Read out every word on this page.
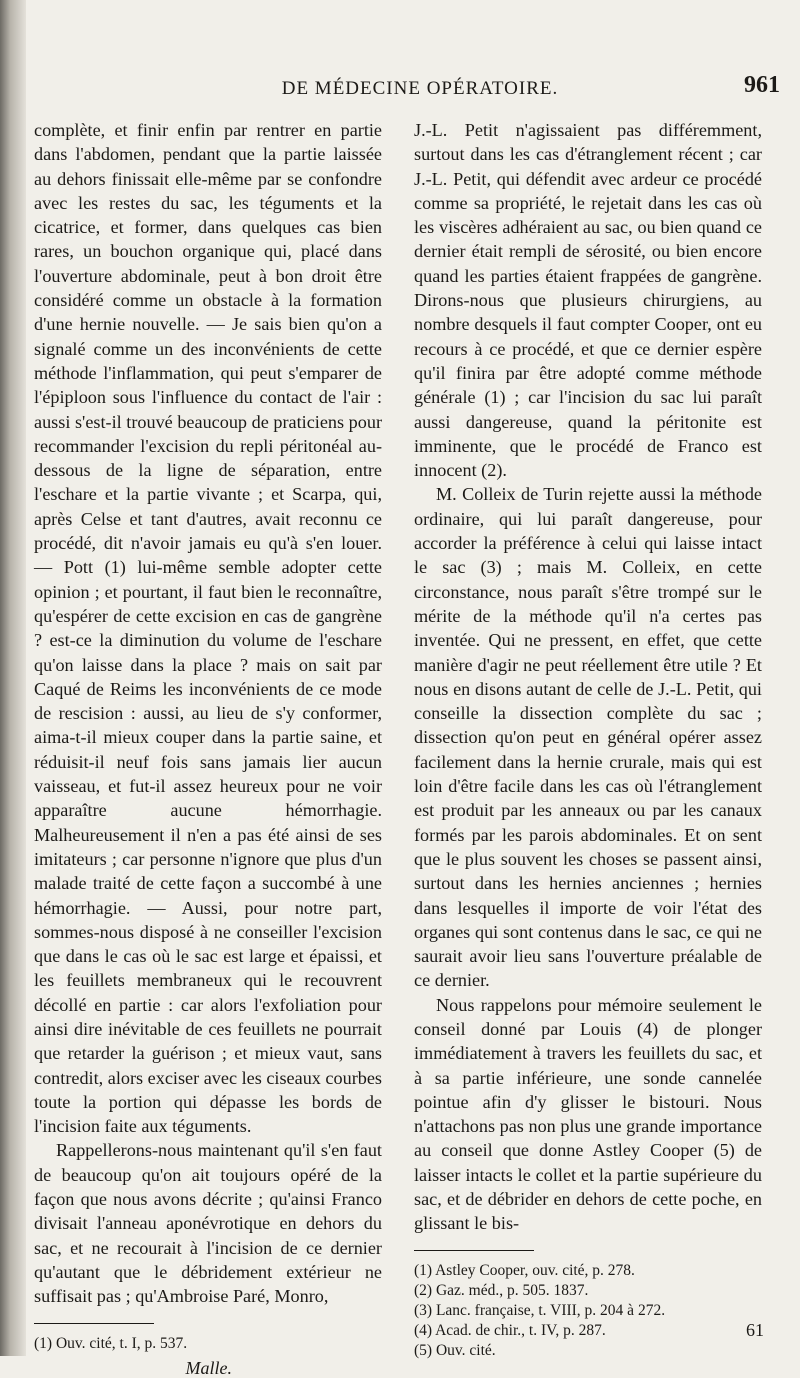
DE MÉDECINE OPÉRATOIRE.	961

complète, et finir enfin par rentrer en partie dans l'abdomen, pendant que la partie laissée au dehors finissait elle-même par se confondre avec les restes du sac, les téguments et la cicatrice, et former, dans quelques cas bien rares, un bouchon organique qui, placé dans l'ouverture abdominale, peut à bon droit être considéré comme un obstacle à la formation d'une hernie nouvelle. — Je sais bien qu'on a signalé comme un des inconvénients de cette méthode l'inflammation, qui peut s'emparer de l'épiploon sous l'influence du contact de l'air : aussi s'est-il trouvé beaucoup de praticiens pour recommander l'excision du repli péritonéal au-dessous de la ligne de séparation, entre l'eschare et la partie vivante ; et Scarpa, qui, après Celse et tant d'autres, avait reconnu ce procédé, dit n'avoir jamais eu qu'à s'en louer. — Pott (1) lui-même semble adopter cette opinion ; et pourtant, il faut bien le reconnaître, qu'espérer de cette excision en cas de gangrène ? est-ce la diminution du volume de l'eschare qu'on laisse dans la place ? mais on sait par Caqué de Reims les inconvénients de ce mode de rescision : aussi, au lieu de s'y conformer, aima-t-il mieux couper dans la partie saine, et réduisit-il neuf fois sans jamais lier aucun vaisseau, et fut-il assez heureux pour ne voir apparaître aucune hémorrhagie. Malheureusement il n'en a pas été ainsi de ses imitateurs ; car personne n'ignore que plus d'un malade traité de cette façon a succombé à une hémorrhagie. — Aussi, pour notre part, sommes-nous disposé à ne conseiller l'excision que dans le cas où le sac est large et épaissi, et les feuillets membraneux qui le recouvrent décollé en partie : car alors l'exfoliation pour ainsi dire inévitable de ces feuillets ne pourrait que retarder la guérison ; et mieux vaut, sans contredit, alors exciser avec les ciseaux courbes toute la portion qui dépasse les bords de l'incision faite aux téguments.

Rappellerons-nous maintenant qu'il s'en faut de beaucoup qu'on ait toujours opéré de la façon que nous avons décrite ; qu'ainsi Franco divisait l'anneau aponévrotique en dehors du sac, et ne recourait à l'incision de ce dernier qu'autant que le débridement extérieur ne suffisait pas ; qu'Ambroise Paré, Monro,

(1) Ouv. cité, t. I, p. 537.
Malle.

J.-L. Petit n'agissaient pas différemment, surtout dans les cas d'étranglement récent ; car J.-L. Petit, qui défendit avec ardeur ce procédé comme sa propriété, le rejetait dans les cas où les viscères adhéraient au sac, ou bien quand ce dernier était rempli de sérosité, ou bien encore quand les parties étaient frappées de gangrène. Dirons-nous que plusieurs chirurgiens, au nombre desquels il faut compter Cooper, ont eu recours à ce procédé, et que ce dernier espère qu'il finira par être adopté comme méthode générale (1) ; car l'incision du sac lui paraît aussi dangereuse, quand la péritonite est imminente, que le procédé de Franco est innocent (2).

M. Colleix de Turin rejette aussi la méthode ordinaire, qui lui paraît dangereuse, pour accorder la préférence à celui qui laisse intact le sac (3) ; mais M. Colleix, en cette circonstance, nous paraît s'être trompé sur le mérite de la méthode qu'il n'a certes pas inventée. Qui ne pressent, en effet, que cette manière d'agir ne peut réellement être utile ? Et nous en disons autant de celle de J.-L. Petit, qui conseille la dissection complète du sac ; dissection qu'on peut en général opérer assez facilement dans la hernie crurale, mais qui est loin d'être facile dans les cas où l'étranglement est produit par les anneaux ou par les canaux formés par les parois abdominales. Et on sent que le plus souvent les choses se passent ainsi, surtout dans les hernies anciennes ; hernies dans lesquelles il importe de voir l'état des organes qui sont contenus dans le sac, ce qui ne saurait avoir lieu sans l'ouverture préalable de ce dernier.

Nous rappelons pour mémoire seulement le conseil donné par Louis (4) de plonger immédiatement à travers les feuillets du sac, et à sa partie inférieure, une sonde cannelée pointue afin d'y glisser le bistouri. Nous n'attachons pas non plus une grande importance au conseil que donne Astley Cooper (5) de laisser intacts le collet et la partie supérieure du sac, et de débrider en dehors de cette poche, en glissant le bis-

(1) Astley Cooper, ouv. cité, p. 278.
(2) Gaz. méd., p. 505. 1837.
(3) Lanc. française, t. VIII, p. 204 à 272.
(4) Acad. de chir., t. IV, p. 287.
(5) Ouv. cité.
61
